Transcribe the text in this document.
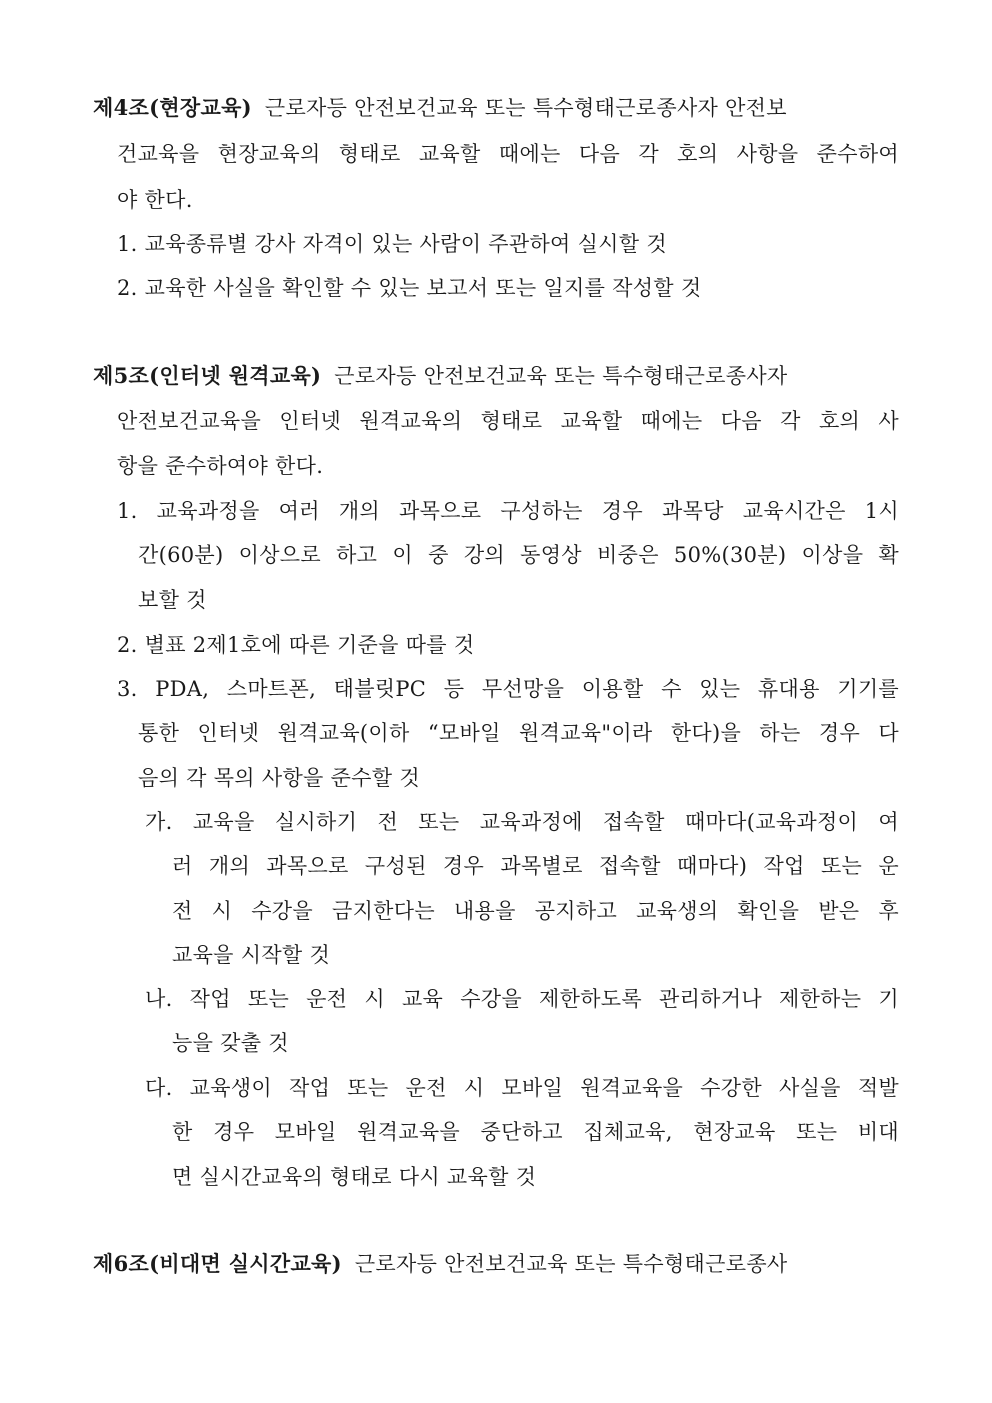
제4조(현장교육) 근로자등 안전보건교육 또는 특수형태근로종사자 안전보
건교육을 현장교육의 형태로 교육할 때에는 다음 각 호의 사항을 준수하여
야 한다.
1. 교육종류별 강사 자격이 있는 사람이 주관하여 실시할 것
2. 교육한 사실을 확인할 수 있는 보고서 또는 일지를 작성할 것
제5조(인터넷 원격교육) 근로자등 안전보건교육 또는 특수형태근로종사자
안전보건교육을 인터넷 원격교육의 형태로 교육할 때에는 다음 각 호의 사
항을 준수하여야 한다.
1. 교육과정을 여러 개의 과목으로 구성하는 경우 과목당 교육시간은 1시
간(60분) 이상으로 하고 이 중 강의 동영상 비중은 50%(30분) 이상을 확
보할 것
2. 별표 2제1호에 따른 기준을 따를 것
3. PDA, 스마트폰, 태블릿PC 등 무선망을 이용할 수 있는 휴대용 기기를
통한 인터넷 원격교육(이하 “모바일 원격교육"이라 한다)을 하는 경우 다
음의 각 목의 사항을 준수할 것
가. 교육을 실시하기 전 또는 교육과정에 접속할 때마다(교육과정이 여
러 개의 과목으로 구성된 경우 과목별로 접속할 때마다) 작업 또는 운
전 시 수강을 금지한다는 내용을 공지하고 교육생의 확인을 받은 후
교육을 시작할 것
나. 작업 또는 운전 시 교육 수강을 제한하도록 관리하거나 제한하는 기
능을 갖출 것
다. 교육생이 작업 또는 운전 시 모바일 원격교육을 수강한 사실을 적발
한 경우 모바일 원격교육을 중단하고 집체교육, 현장교육 또는 비대
면 실시간교육의 형태로 다시 교육할 것
제6조(비대면 실시간교육) 근로자등 안전보건교육 또는 특수형태근로종사
